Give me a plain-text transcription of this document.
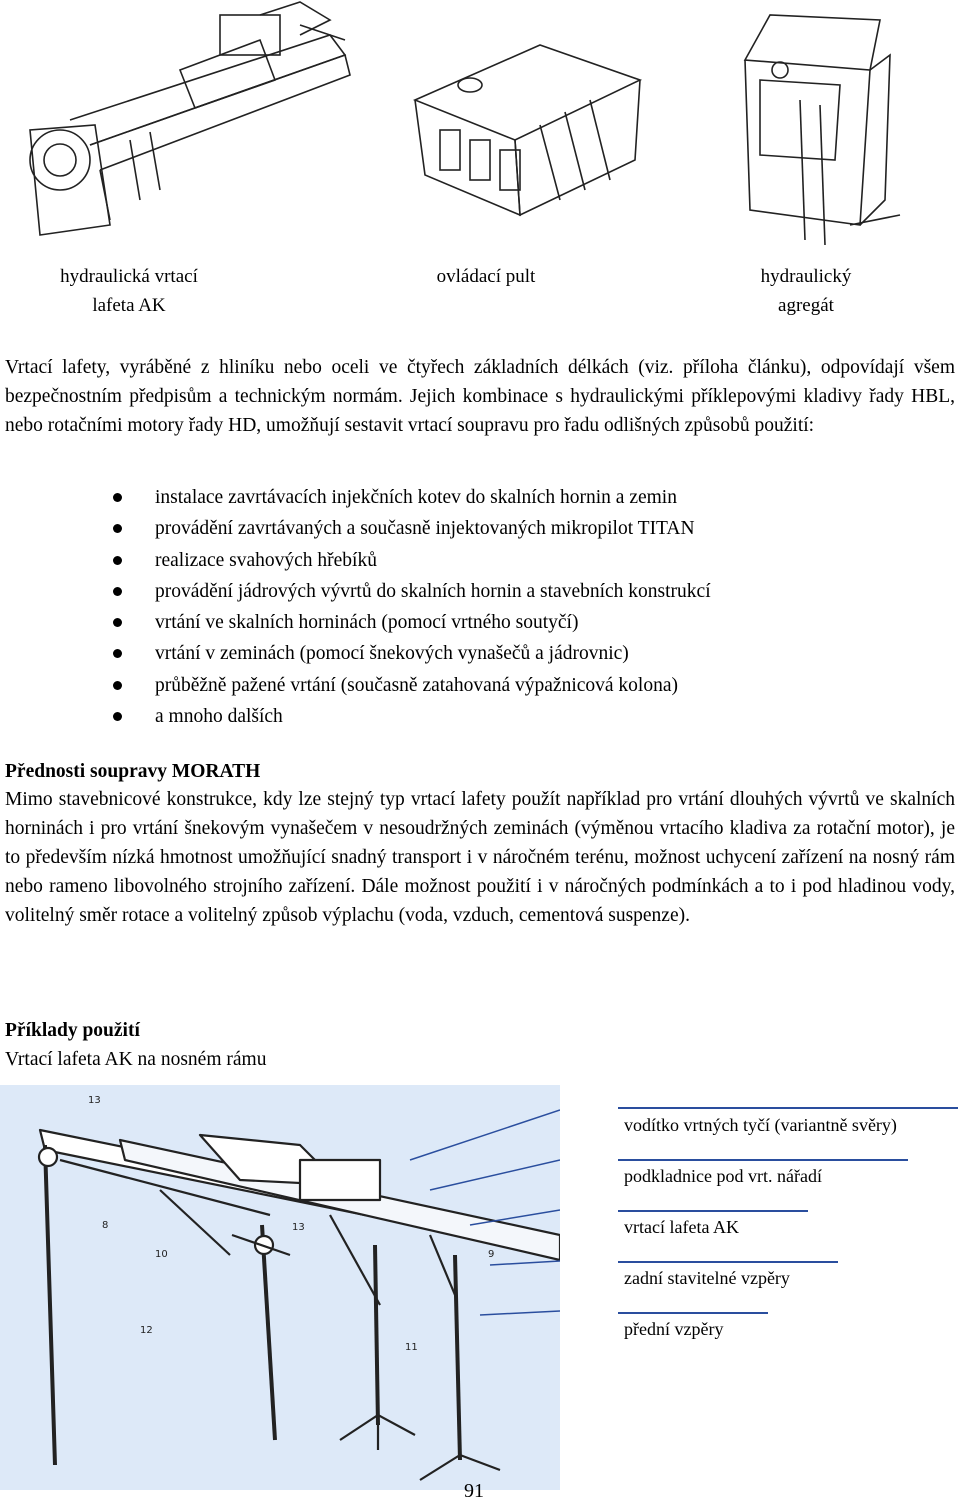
hydraulická vrtací
lafeta AK
ovládací pult	hydraulický
agregát

Vrtací lafety, vyráběné z hliníku nebo oceli ve čtyřech základních délkách (viz. příloha článku), odpovídají všem bezpečnostním předpisům a technickým normám. Jejich kombinace s hydraulickými příklepovými kladivy řady HBL, nebo rotačními motory řady HD, umožňují sestavit vrtací soupravu pro řadu odlišných způsobů použití:

instalace zavrtávacích injekčních kotev do skalních hornin a zemin
provádění zavrtávaných a současně injektovaných mikropilot TITAN
realizace svahových hřebíků
provádění jádrových vývrtů do skalních hornin a stavebních konstrukcí
vrtání ve skalních horninách (pomocí vrtného soutyčí)
vrtání v zeminách (pomocí šnekových vynašečů a jádrovnic)
průběžně pažené vrtání (současně zatahovaná výpažnicová kolona)
a mnoho dalších
Přednosti soupravy MORATH

Mimo stavebnicové konstrukce, kdy lze stejný typ vrtací lafety použít například pro vrtání dlouhých vývrtů ve skalních horninách i pro vrtání šnekovým vynašečem v nesoudržných zeminách (výměnou vrtacího kladiva za rotační motor), je to především nízká hmotnost umožňující snadný transport i v náročném terénu, možnost uchycení zařízení na nosný rám nebo rameno libovolného strojního zařízení. Dále možnost použití i v náročných podmínkách a to i pod hladinou vody, volitelný směr rotace a volitelný způsob výplachu (voda, vzduch, cementová suspenze).

Příklady použití
Vrtací lafeta AK na nosném rámu
13
8
10
13
9
12
11
vodítko vrtných tyčí (variantně svěry)
podkladnice pod vrt. nářadí
vrtací lafeta AK
zadní stavitelné vzpěry
přední vzpěry
91
